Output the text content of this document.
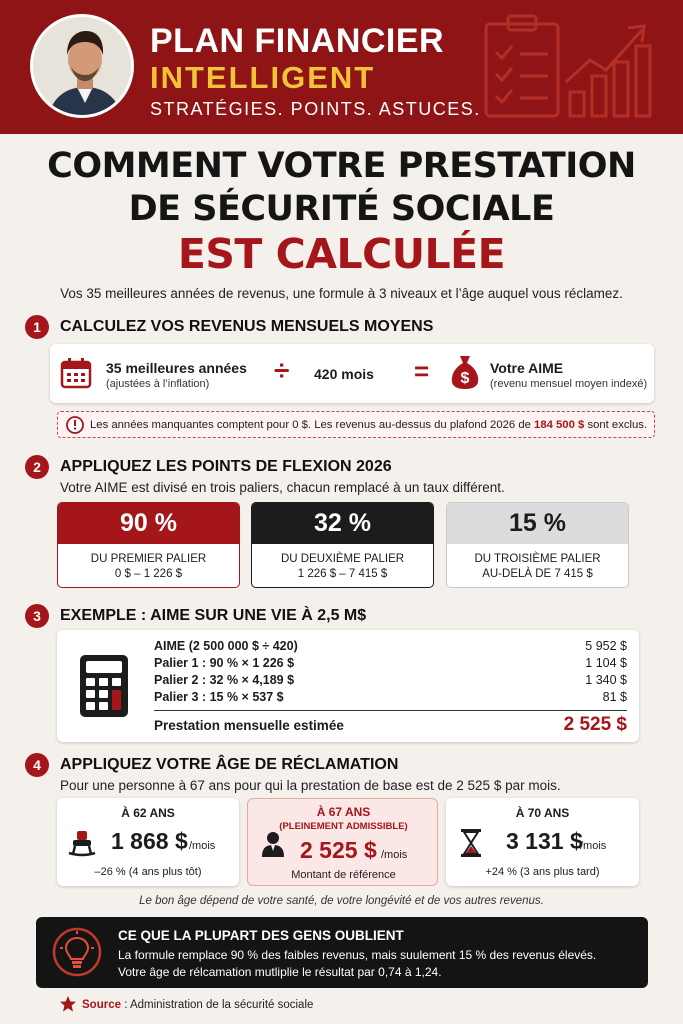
PLAN FINANCIER
INTELLIGENT
STRATÉGIES. POINTS. ASTUCES.
COMMENT VOTRE PRESTATION
DE SÉCURITÉ SOCIALE
EST CALCULÉE
Vos 35 meilleures années de revenus, une formule à 3 niveaux et l’âge auquel vous réclamez.
1	CALCULEZ VOS REVENUS MENSUELS MOYENS
35 meilleures années
(ajustées à l’inflation) ÷ 420 mois = $
Votre AIME
(revenu mensuel moyen indexé)
Les années manquantes comptent pour 0 $. Les revenus au-dessus du plafond 2026 de 184 500 $ sont exclus.
2	APPLIQUEZ LES POINTS DE FLEXION 2026
Votre AIME est divisé en trois paliers, chacun remplacé à un taux différent.
90 %
DU PREMIER PALIER
0 $ – 1 226 $
32 %
DU DEUXIÈME PALIER
1 226 $ – 7 415 $
15 %
DU TROISIÈME PALIER
AU-DELÀ DE 7 415 $
3	EXEMPLE : AIME SUR UNE VIE À 2,5 M$
AIME (2 500 000 $ ÷ 420)	5 952 $
Palier 1 : 90 % × 1 226 $	1 104 $
Palier 2 : 32 % × 4,189 $	1 340 $
Palier 3 : 15 % × 537 $	81 $
Prestation mensuelle estimée	2 525 $
4	APPLIQUEZ VOTRE ÂGE DE RÉCLAMATION
Pour une personne à 67 ans pour qui la prestation de base est de 2 525 $ par mois.
À 62 ANS
1 868 $ /mois
–26 % (4 ans plus tôt)
À 67 ANS
(PLEINEMENT ADMISSIBLE)
2 525 $ /mois
Montant de référence
À 70 ANS
3 131 $
/mois
+24 % (3 ans plus tard)
Le bon âge dépend de votre santé, de votre longévité et de vos autres revenus.
CE QUE LA PLUPART DES GENS OUBLIENT
La formule remplace 90 % des faibles revenus, mais suulement 15 % des revenus élevés.
Votre âge de rélcamation mutliplie le résultat par 0,74 à 1,24.
Source : Administration de la sécurité sociale
